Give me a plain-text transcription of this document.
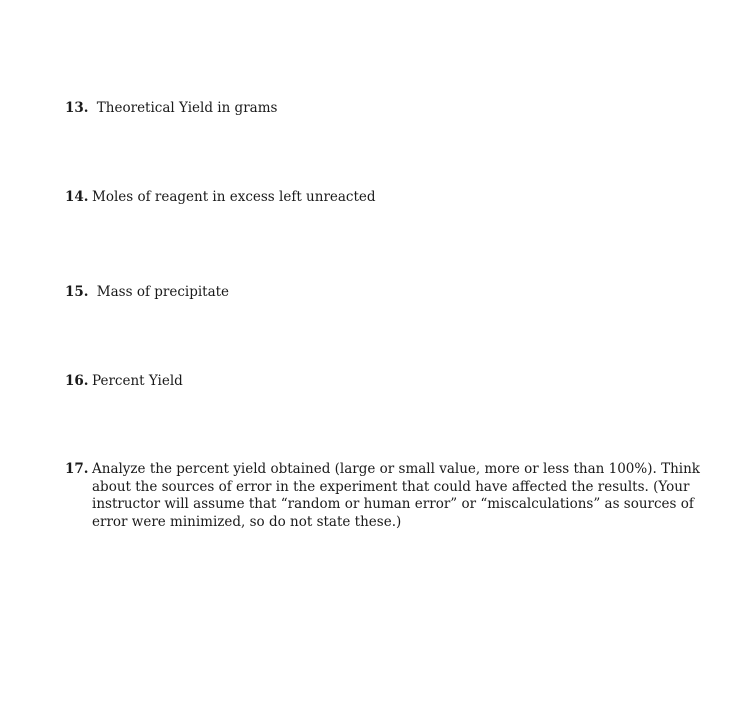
13. Theoretical Yield in grams
14. Moles of reagent in excess left unreacted
15. Mass of precipitate
16. Percent Yield
17. Analyze the percent yield obtained (large or small value, more or less than 100%). Think about the sources of error in the experiment that could have affected the results. (Your instructor will assume that “random or human error” or “miscalculations” as sources of error were minimized, so do not state these.)
